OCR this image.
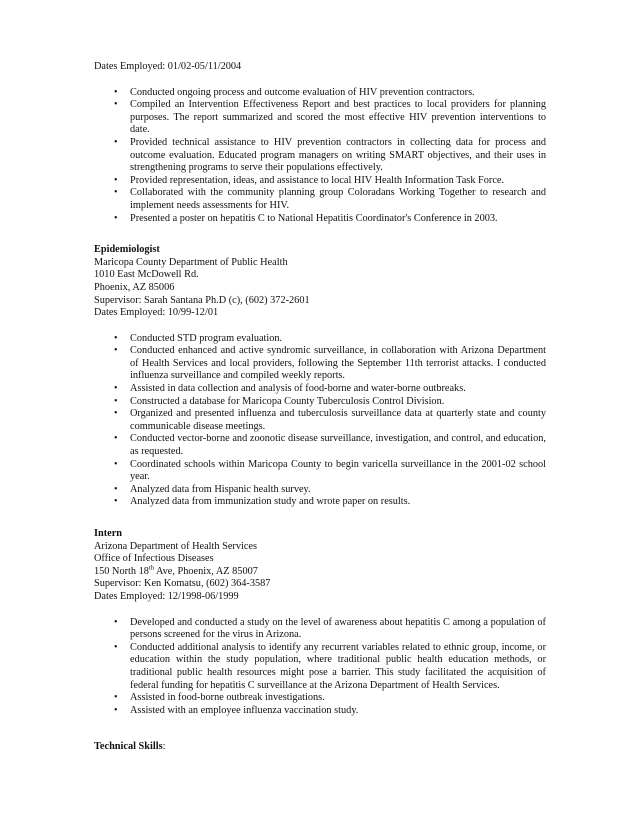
Dates Employed: 01/02-05/11/2004

• Conducted ongoing process and outcome evaluation of HIV prevention contractors.
• Compiled an Intervention Effectiveness Report and best practices to local providers for planning purposes. The report summarized and scored the most effective HIV prevention interventions to date.
• Provided technical assistance to HIV prevention contractors in collecting data for process and outcome evaluation. Educated program managers on writing SMART objectives, and their uses in strengthening programs to serve their populations effectively.
• Provided representation, ideas, and assistance to local HIV Health Information Task Force.
• Collaborated with the community planning group Coloradans Working Together to research and implement needs assessments for HIV.
• Presented a poster on hepatitis C to National Hepatitis Coordinator's Conference in 2003.

Epidemiologist

Maricopa County Department of Public Health

1010 East McDowell Rd.

Phoenix, AZ 85006

Supervisor: Sarah Santana Ph.D (c), (602) 372-2601

Dates Employed: 10/99-12/01

• Conducted STD program evaluation.
• Conducted enhanced and active syndromic surveillance, in collaboration with Arizona Department of Health Services and local providers, following the September 11th terrorist attacks. I conducted influenza surveillance and compiled weekly reports.
• Assisted in data collection and analysis of food-borne and water-borne outbreaks.
• Constructed a database for Maricopa County Tuberculosis Control Division.
• Organized and presented influenza and tuberculosis surveillance data at quarterly state and county communicable disease meetings.
• Conducted vector-borne and zoonotic disease surveillance, investigation, and control, and education, as requested.
• Coordinated schools within Maricopa County to begin varicella surveillance in the 2001-02 school year.
• Analyzed data from Hispanic health survey.
• Analyzed data from immunization study and wrote paper on results.

Intern

Arizona Department of Health Services

Office of Infectious Diseases

150 North 18th Ave, Phoenix, AZ 85007

Supervisor: Ken Komatsu, (602) 364-3587

Dates Employed: 12/1998-06/1999

• Developed and conducted a study on the level of awareness about hepatitis C among a population of persons screened for the virus in Arizona.
• Conducted additional analysis to identify any recurrent variables related to ethnic group, income, or education within the study population, where traditional public health education methods, or traditional public health resources might pose a barrier. This study facilitated the acquisition of federal funding for hepatitis C surveillance at the Arizona Department of Health Services.
• Assisted in food-borne outbreak investigations.
• Assisted with an employee influenza vaccination study.

Technical Skills:
